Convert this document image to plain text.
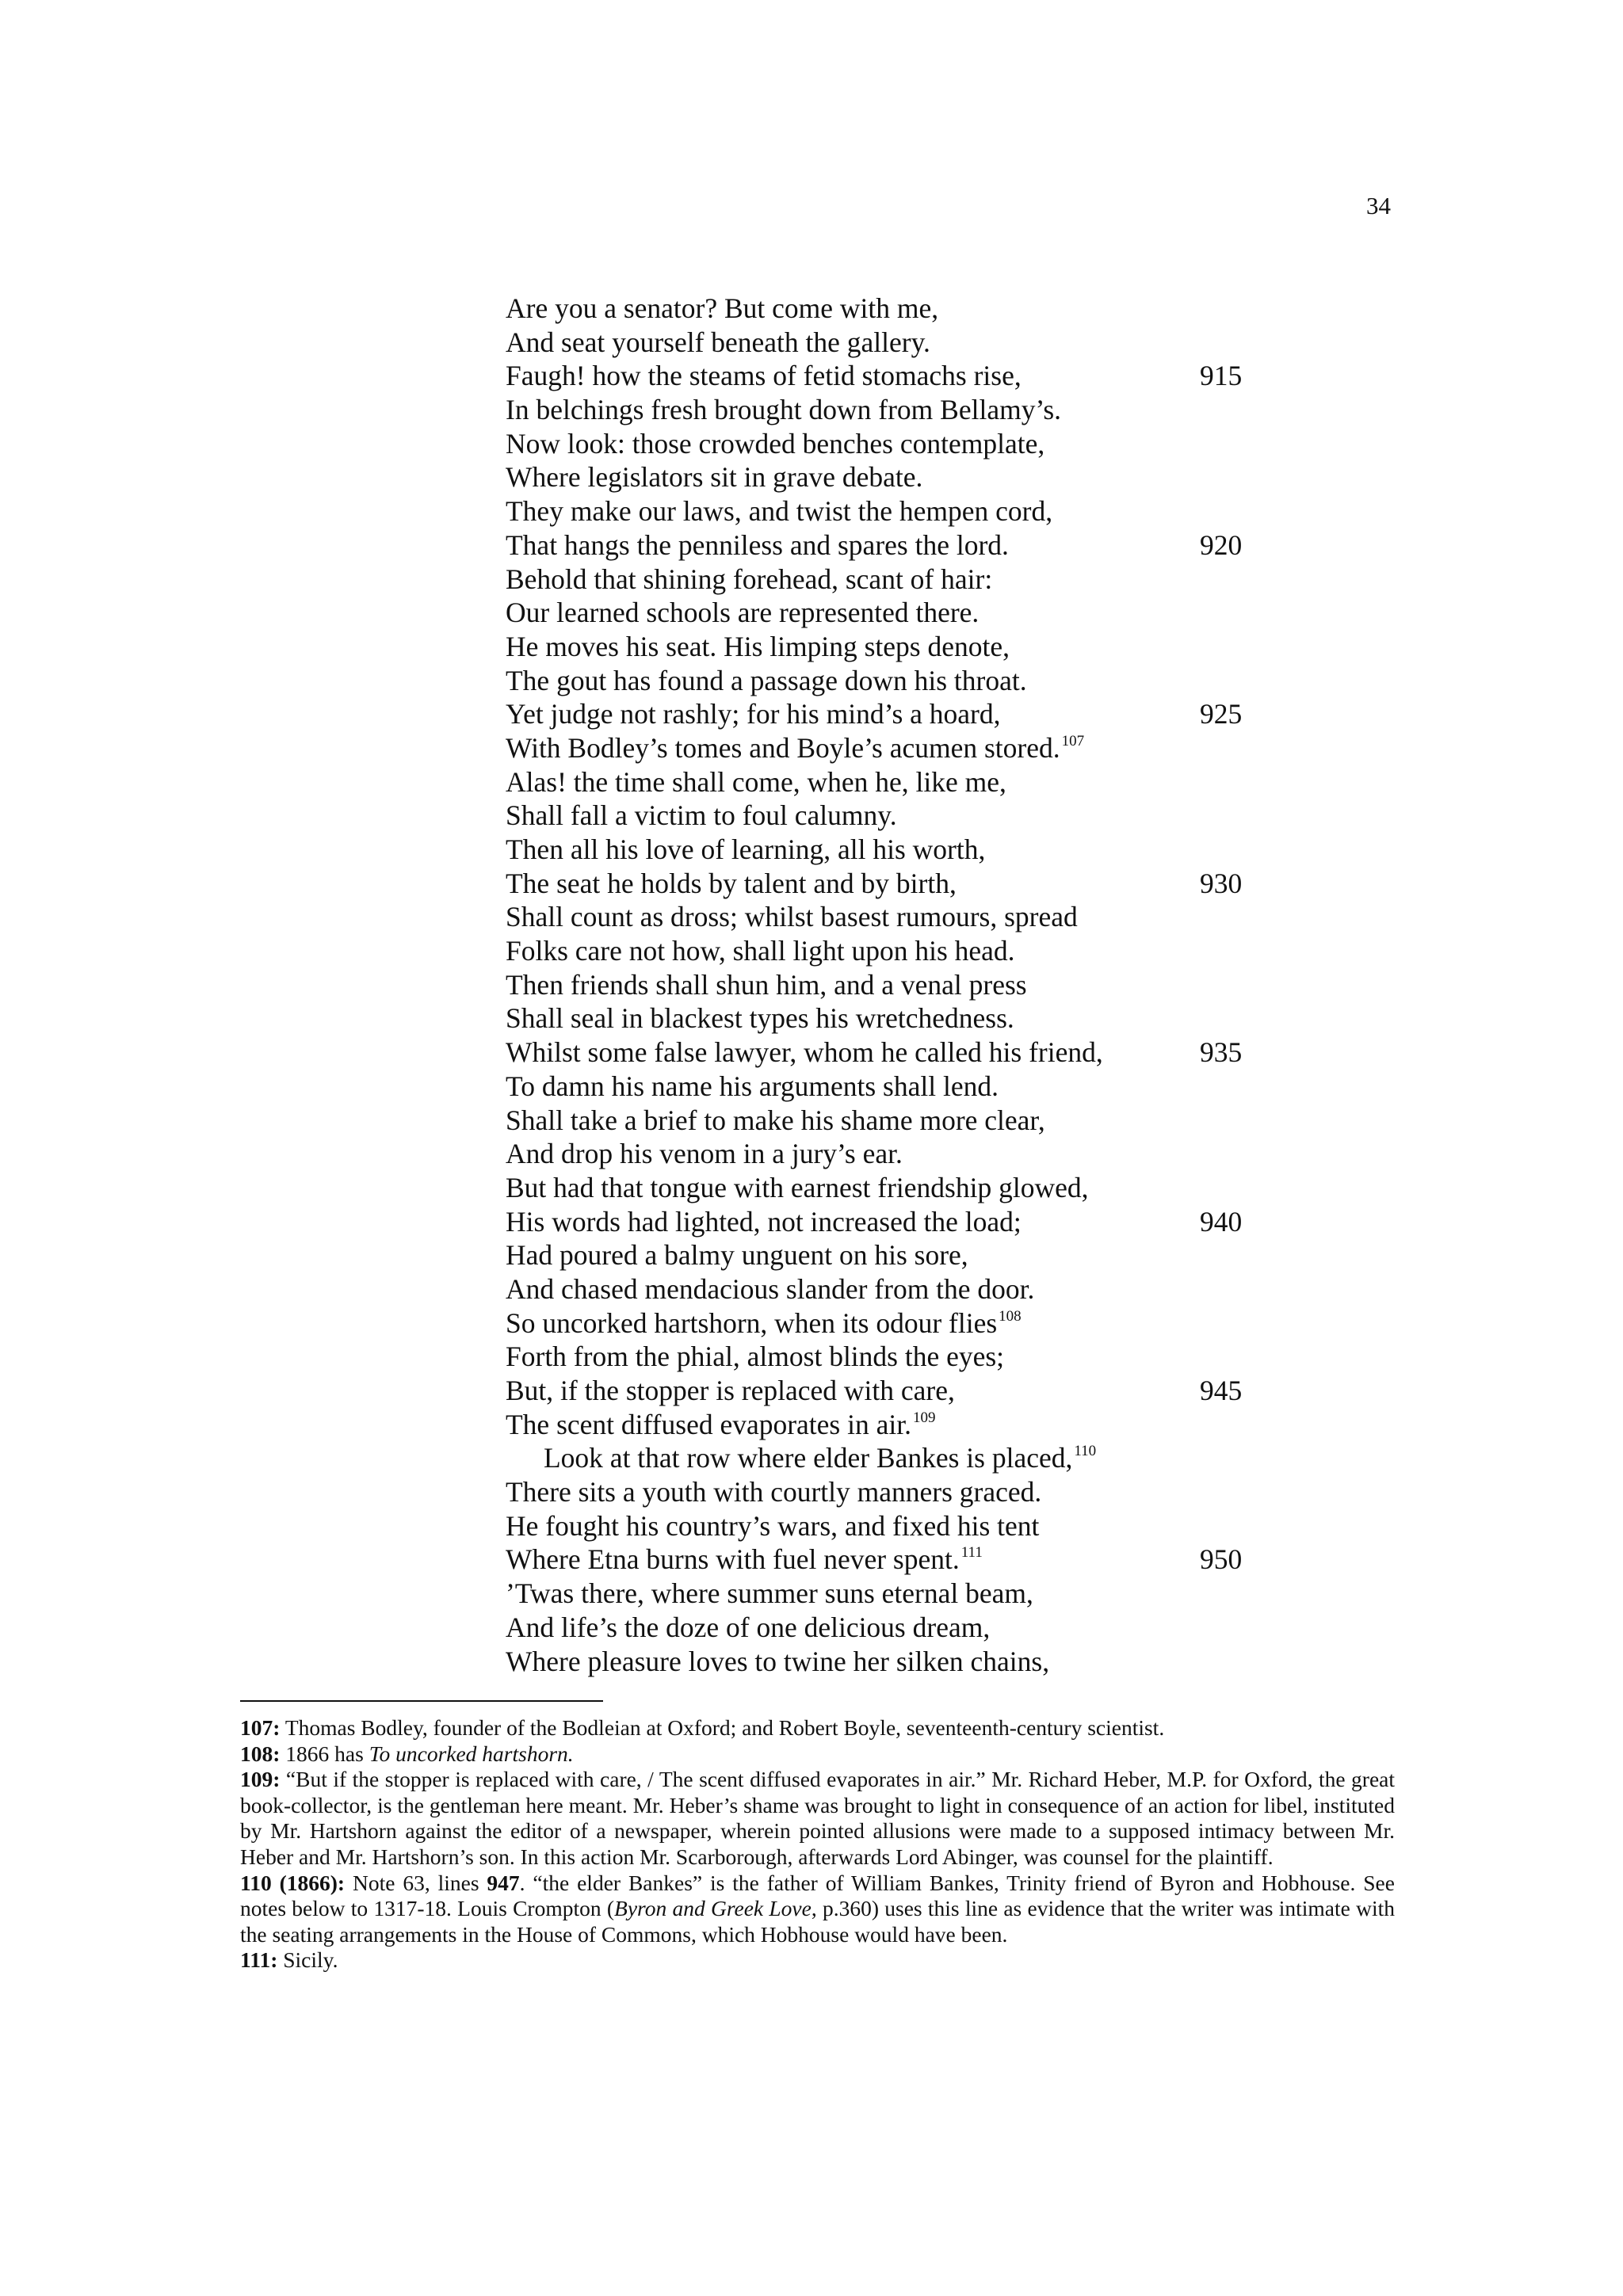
34
Are you a senator? But come with me,
And seat yourself beneath the gallery.
Faugh! how the steams of fetid stomachs rise,	915
In belchings fresh brought down from Bellamy’s.
Now look: those crowded benches contemplate,
Where legislators sit in grave debate.
They make our laws, and twist the hempen cord,
That hangs the penniless and spares the lord.	920
Behold that shining forehead, scant of hair:
Our learned schools are represented there.
He moves his seat. His limping steps denote,
The gout has found a passage down his throat.
Yet judge not rashly; for his mind’s a hoard,	925
With Bodley’s tomes and Boyle’s acumen stored. $^{107}$
Alas! the time shall come, when he, like me,
Shall fall a victim to foul calumny.
Then all his love of learning, all his worth,
The seat he holds by talent and by birth,	930
Shall count as dross; whilst basest rumours, spread
Folks care not how, shall light upon his head.
Then friends shall shun him, and a venal press
Shall seal in blackest types his wretchedness.
Whilst some false lawyer, whom he called his friend,	935
To damn his name his arguments shall lend.
Shall take a brief to make his shame more clear,
And drop his venom in a jury’s ear.
But had that tongue with earnest friendship glowed,
His words had lighted, not increased the load;	940
Had poured a balmy unguent on his sore,
And chased mendacious slander from the door.
So uncorked hartshorn, when its odour flies $^{108}$
Forth from the phial, almost blinds the eyes;
But, if the stopper is replaced with care,	945
The scent diffused evaporates in air. $^{109}$
Look at that row where elder Bankes is placed, $^{110}$
There sits a youth with courtly manners graced.
He fought his country’s wars, and fixed his tent
Where Etna burns with fuel never spent. $^{111}$	950
’Twas there, where summer suns eternal beam,
And life’s the doze of one delicious dream,
Where pleasure loves to twine her silken chains,
107: Thomas Bodley, founder of the Bodleian at Oxford; and Robert Boyle, seventeenth-century scientist.
108: 1866 has To uncorked hartshorn.
109: “But if the stopper is replaced with care, / The scent diffused evaporates in air.” Mr. Richard Heber, M.P. for Oxford, the great book-collector, is the gentleman here meant. Mr. Heber’s shame was brought to light in consequence of an action for libel, instituted by Mr. Hartshorn against the editor of a newspaper, wherein pointed allusions were made to a supposed intimacy between Mr. Heber and Mr. Hartshorn’s son. In this action Mr. Scarborough, afterwards Lord Abinger, was counsel for the plaintiff.
110 (1866): Note 63, lines 947. “the elder Bankes” is the father of William Bankes, Trinity friend of Byron and Hobhouse. See notes below to 1317-18. Louis Crompton (Byron and Greek Love, p.360) uses this line as evidence that the writer was intimate with the seating arrangements in the House of Commons, which Hobhouse would have been.
111: Sicily.
